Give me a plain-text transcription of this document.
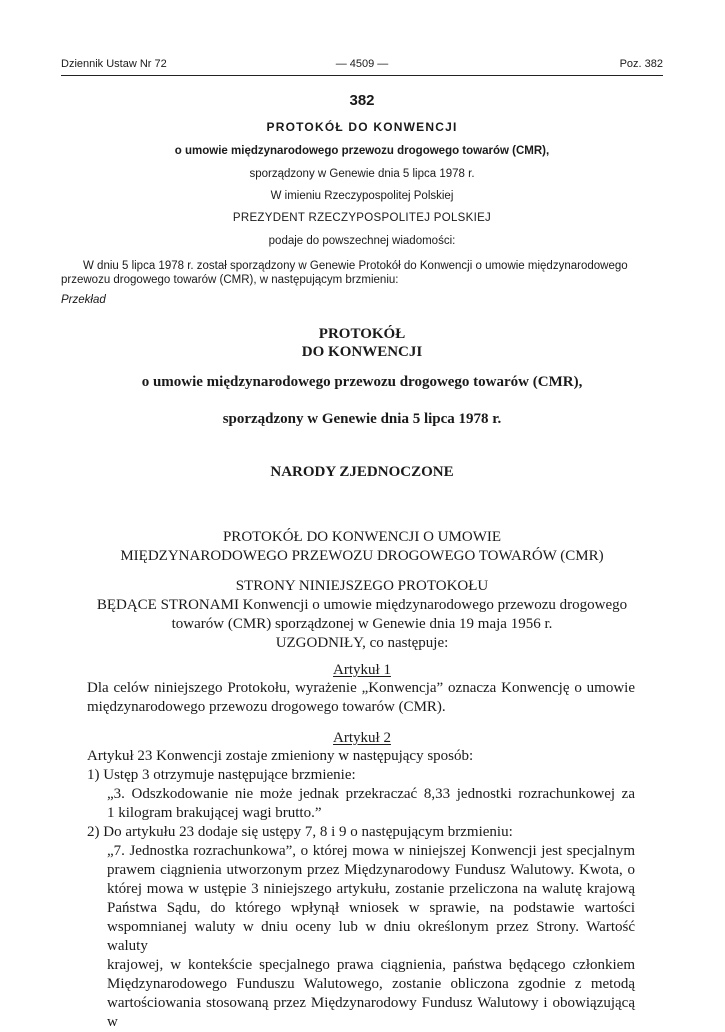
Dziennik Ustaw Nr 72	— 4509 —	Poz. 382
382
PROTOKÓŁ DO KONWENCJI
o umowie międzynarodowego przewozu drogowego towarów (CMR),
sporządzony w Genewie dnia 5 lipca 1978 r.
W imieniu Rzeczypospolitej Polskiej
PREZYDENT RZECZYPOSPOLITEJ POLSKIEJ
podaje do powszechnej wiadomości:

W dniu 5 lipca 1978 r. został sporządzony w Genewie Protokół do Konwencji o umowie międzynarodowego

przewozu drogowego towarów (CMR), w następującym brzmieniu:
Przekład
PROTOKÓŁ
DO KONWENCJI
o umowie międzynarodowego przewozu drogowego towarów (CMR),
sporządzony w Genewie dnia 5 lipca 1978 r.
NARODY ZJEDNOCZONE
PROTOKÓŁ DO KONWENCJI O UMOWIE
MIĘDZYNARODOWEGO PRZEWOZU DROGOWEGO TOWARÓW (CMR)
STRONY NINIEJSZEGO PROTOKOŁU
BĘDĄCE STRONAMI Konwencji o umowie międzynarodowego przewozu drogowego
towarów (CMR) sporządzonej w Genewie dnia 19 maja 1956 r.
UZGODNIŁY, co następuje:
Artykuł 1
Dla celów niniejszego Protokołu, wyrażenie „Konwencja” oznacza Konwencję o umowie
międzynarodowego przewozu drogowego towarów (CMR).
Artykuł 2
Artykuł 23 Konwencji zostaje zmieniony w następujący sposób:
1) Ustęp 3 otrzymuje następujące brzmienie:
„3. Odszkodowanie nie może jednak przekraczać 8,33 jednostki rozrachunkowej za
1 kilogram brakującej wagi brutto.”
2) Do artykułu 23 dodaje się ustępy 7, 8 i 9 o następującym brzmieniu:
„7. Jednostka rozrachunkowa”, o której mowa w niniejszej Konwencji jest specjalnym
prawem ciągnienia utworzonym przez Międzynarodowy Fundusz Walutowy. Kwota, o
której mowa w ustępie 3 niniejszego artykułu, zostanie przeliczona na walutę krajową
Państwa Sądu, do którego wpłynął wniosek w sprawie, na podstawie wartości
wspomnianej waluty w dniu oceny lub w dniu określonym przez Strony. Wartość waluty
krajowej, w kontekście specjalnego prawa ciągnienia, państwa będącego członkiem
Międzynarodowego Funduszu Walutowego, zostanie obliczona zgodnie z metodą
wartościowania stosowaną przez Międzynarodowy Fundusz Walutowy i obowiązującą w
